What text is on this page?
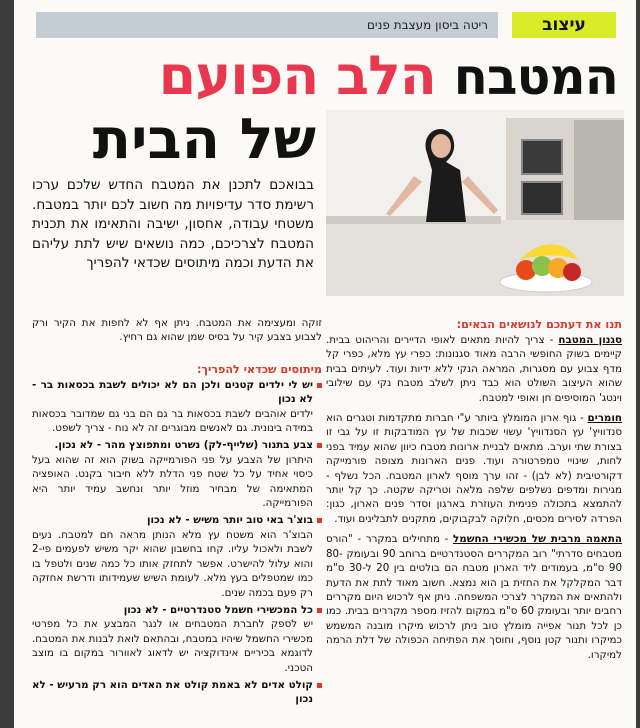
עיצוב
ריטה ביסון מעצבת פנים
המטבח הלב הפועם
של הבית
בבואכם לתכנן את המטבח החדש שלכם ערכו רשימת סדר עדיפויות מה חשוב לכם יותר במטבח. משטחי עבודה, אחסון, ישיבה והתאימו את תכנית המטבח לצרכיכם, כמה נושאים שיש לתת עליהם את הדעת וכמה מיתוסים שכדאי להפריך

תנו את דעתכם לנושאים הבאים:

סגנון המטבח - צריך להיות מתאים לאופי הדיירים והריהוט בבית. קיימים בשוק החופשי הרבה מאוד סגנונות: כפרי עץ מלא, כפרי קל מדף צבוע עם מסגרות, המראה הנקי ללא ידיות ועוד. לעיתים בבית שהוא העיצוב השולט הוא כבד ניתן לשלב מטבח נקי עם שילובי וינטג' המוסיפים חן ואופי למטבח.

חומרים - גוף ארון המומלץ ביותר ע"י חברות מתקדמות וטגרים הוא סנדוויץ' עץ הסנדוויץ' עשוי שכבות של עץ המודבקות זו על גבי זו בצורת שתי וערב. מתאים לבניית ארונות מטבח כיוון שהוא עמיד בפני לחות, שינויי טמפרטורה ועוד. פנים הארונות מצופה פורמייקה דקורטיבית (לא לבן) - זהו ערך מוסף לארון המטבח. הכל נשלף - מגירות ומדפים נשלפים שלפה מלאה וטריקה שקטה. כך קל יותר להתמצא בתכולה פנימית העוזרת בארגון וסדר פנים הארון, כגון: הפרדה לסירים מכסים, חלוקה לבקבוקים, מתקנים לתבלינים ועוד.

התאמה מרבית של מכשירי החשמל - מתחילים במקרר - "הורס מטבחים סדרתי" רוב המקררים הסטנדרטיים ברוחב 90 ובעומק 80-90 ס"מ, בעמודים ליד הארון מטבח הם בולטים בין 20 ל-30 ס"מ דבר המקלקל את החזית בן הוא נמצא. חשוב מאוד לתת את הדעת ולהתאים את המקרר לצרכי המשפחה. ניתן אף לרכוש היום מקררים רחבים יותר ובעומק 60 ס"מ במקום להזיז מספר מקררים בבית. כמו כן לכל תנור אפייה מומלץ טוב ניתן לרכוש מיקרו מובנה המשמש כמיקרו ותנור קטן נוסף, וחוסך את הפתיחה הכפולה של דלת הרמה למיקרו.

זוקה ומעצימה את המטבח. ניתן אף לא לחפות את הקיר ורק לצבוע בצבע קיר על בסיס שמן שהוא גם רחיץ.

מיתוסים שכדאי להפריך:

יש לי ילדים קטנים ולכן הם לא יכולים לשבת בכסאות בר - לא נכון
ילדים אוהבים לשבת בכסאות בר גם הם בני גם שמדובר בכסאות במידה בינונית. גם לאנשים מבוגרים זה לא נוח - צריך לשפט.
צבע בתנור (שלייף-לק) נשרט ומתפוצץ מהר - לא נכון.
היתרון של הצבע על פני הפורמייקה בשוק הוא זה שהוא בעל כיסוי אחיד על כל שטח פני הדלת ללא חיבור בקנט. האופציה המתאימה של מבחיר מוזל יותר ונחשב עמיד יותר היא הפורמייקה.
בוצ'ר באי טוב יותר משיש - לא נכון
הבוצ'ר הוא משטח עץ מלא הנותן מראה חם למטבח. נעים לשבת ולאכול עליו. קחו בחשבון שהוא יקר משיש לפעמים פי-2 והוא עלול להישרט. אפשר לתחזק אותו כל כמה שנים ולטפל בו כמו שמטפלים בעץ מלא. לעומת השיש שעמידותו ודרשת אחזקה רק פעם בכמה שנים.
כל המכשירי חשמל סטנדרטיים - לא נכון
יש לספק לחברת המטבחים או לנגר המבצע את כל מפרטי מכשירי החשמל שיהיו במטבח, ובהתאם לואת לבנות את המטבח. לדוגמא בכיריים אינדוקציה יש לדאוג לאוורור במקום בו מוצב הטכני.
קולט אדים לא באמת קולט את האדים הוא רק מרעיש - לא נכון
